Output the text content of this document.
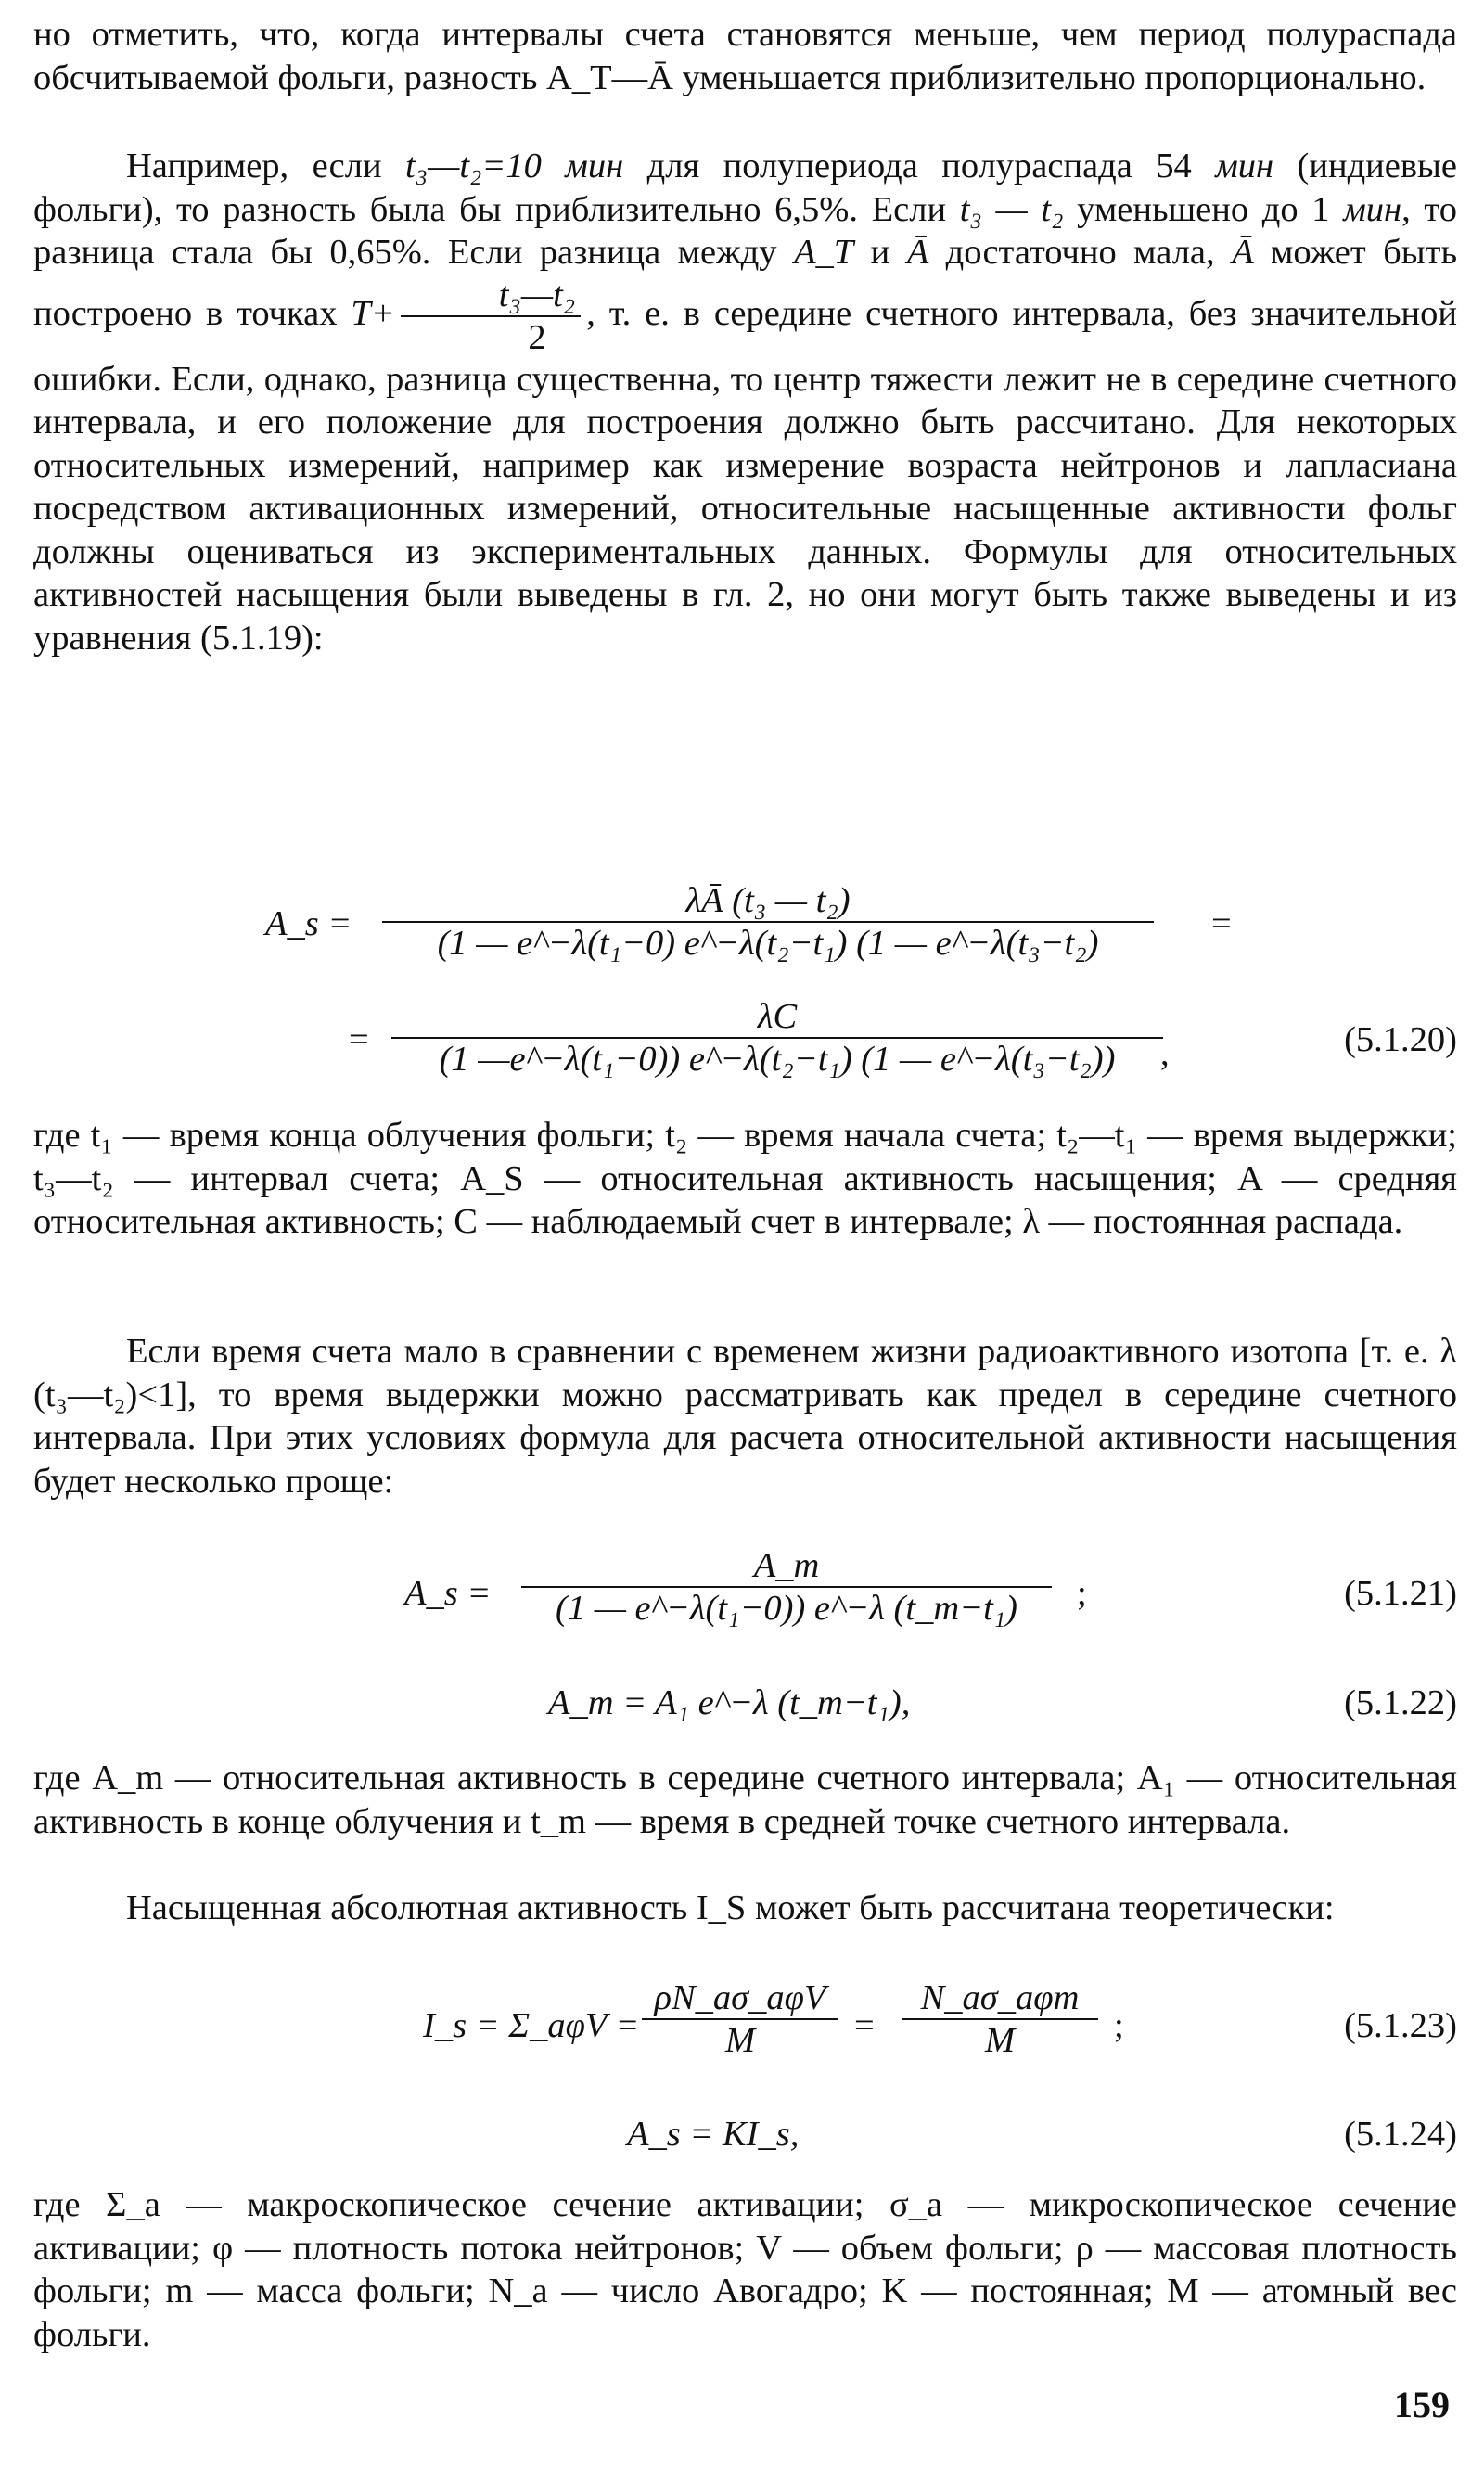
но отметить, что, когда интервалы счета становятся меньше, чем период полураспада обсчитываемой фольги, разность A_T—Ā уменьшается приблизительно пропорционально.

Например, если t₃—t₂=10 мин для полупериода полураспада 54 мин (индиевые фольги), то разность была бы приблизительно 6,5%. Если t₃ — t₂ уменьшено до 1 мин, то разница стала бы 0,65%. Если разница между A_T и Ā достаточно мала, Ā может быть построено в точках $T+ \frac{\text{t₃—t₂}}{2}$ , т. е. в середине счетного интервала, без значительной ошибки. Если, однако, разница существенна, то центр тяжести лежит не в середине счетного интервала, и его положение для построения должно быть рассчитано. Для некоторых относительных измерений, например как измерение возраста нейтронов и лапласиана посредством активационных измерений, относительные насыщенные активности фольг должны оцениваться из экспериментальных данных. Формулы для относительных активностей насыщения были выведены в гл. 2, но они могут быть также выведены и из уравнения (5.1.19):

A_s = $\frac{\text{λĀ (t₃ — t₂)}}{\text{(1 — e\textasciicircum{}−λ(t₁−0) e\textasciicircum{}−λ(t₂−t₁) (1 — e\textasciicircum{}−λ(t₃−t₂)}}$ =
= $\frac{\lambda C}{\text{(1 —e\textasciicircum{}−λ(t₁−0)) e\textasciicircum{}−λ(t₂−t₁) (1 — e\textasciicircum{}−λ(t₃−t₂))}}$
,	(5.1.20)

где t₁ — время конца облучения фольги; t₂ — время начала счета; t₂—t₁ — время выдержки; t₃—t₂ — интервал счета; A_S — относительная активность насыщения; A — средняя относительная активность; C — наблюдаемый счет в интервале; λ — постоянная распада.

Если время счета мало в сравнении с временем жизни радиоактивного изотопа [т. е. λ (t₃—t₂)<1], то время выдержки можно рассматривать как предел в середине счетного интервала. При этих условиях формула для расчета относительной активности насыщения будет несколько проще:

A_s = $\frac{A\_m}{\text{(1 — e\textasciicircum{}−λ(t₁−0)) e\textasciicircum{}−λ (t\_m−t₁)}}$ ;	(5.1.21)
A_m = A₁ e^−λ (t_m−t₁),	(5.1.22)

где A_m — относительная активность в середине счетного интервала; A₁ — относительная активность в конце облучения и t_m — время в средней точке счетного интервала.

Насыщенная абсолютная активность I_S может быть рассчитана теоретически:

I_s = Σ_aφV =
ρN_aσ_aφV
M	=
N_aσ_aφm
M	;	(5.1.23)
A_s = KI_s,	(5.1.24)

где Σ_a — макроскопическое сечение активации; σ_a — микроскопическое сечение активации; φ — плотность потока нейтронов; V — объем фольги; ρ — массовая плотность фольги; m — масса фольги; N_a — число Авогадро; K — постоянная; M — атомный вес фольги.

159
